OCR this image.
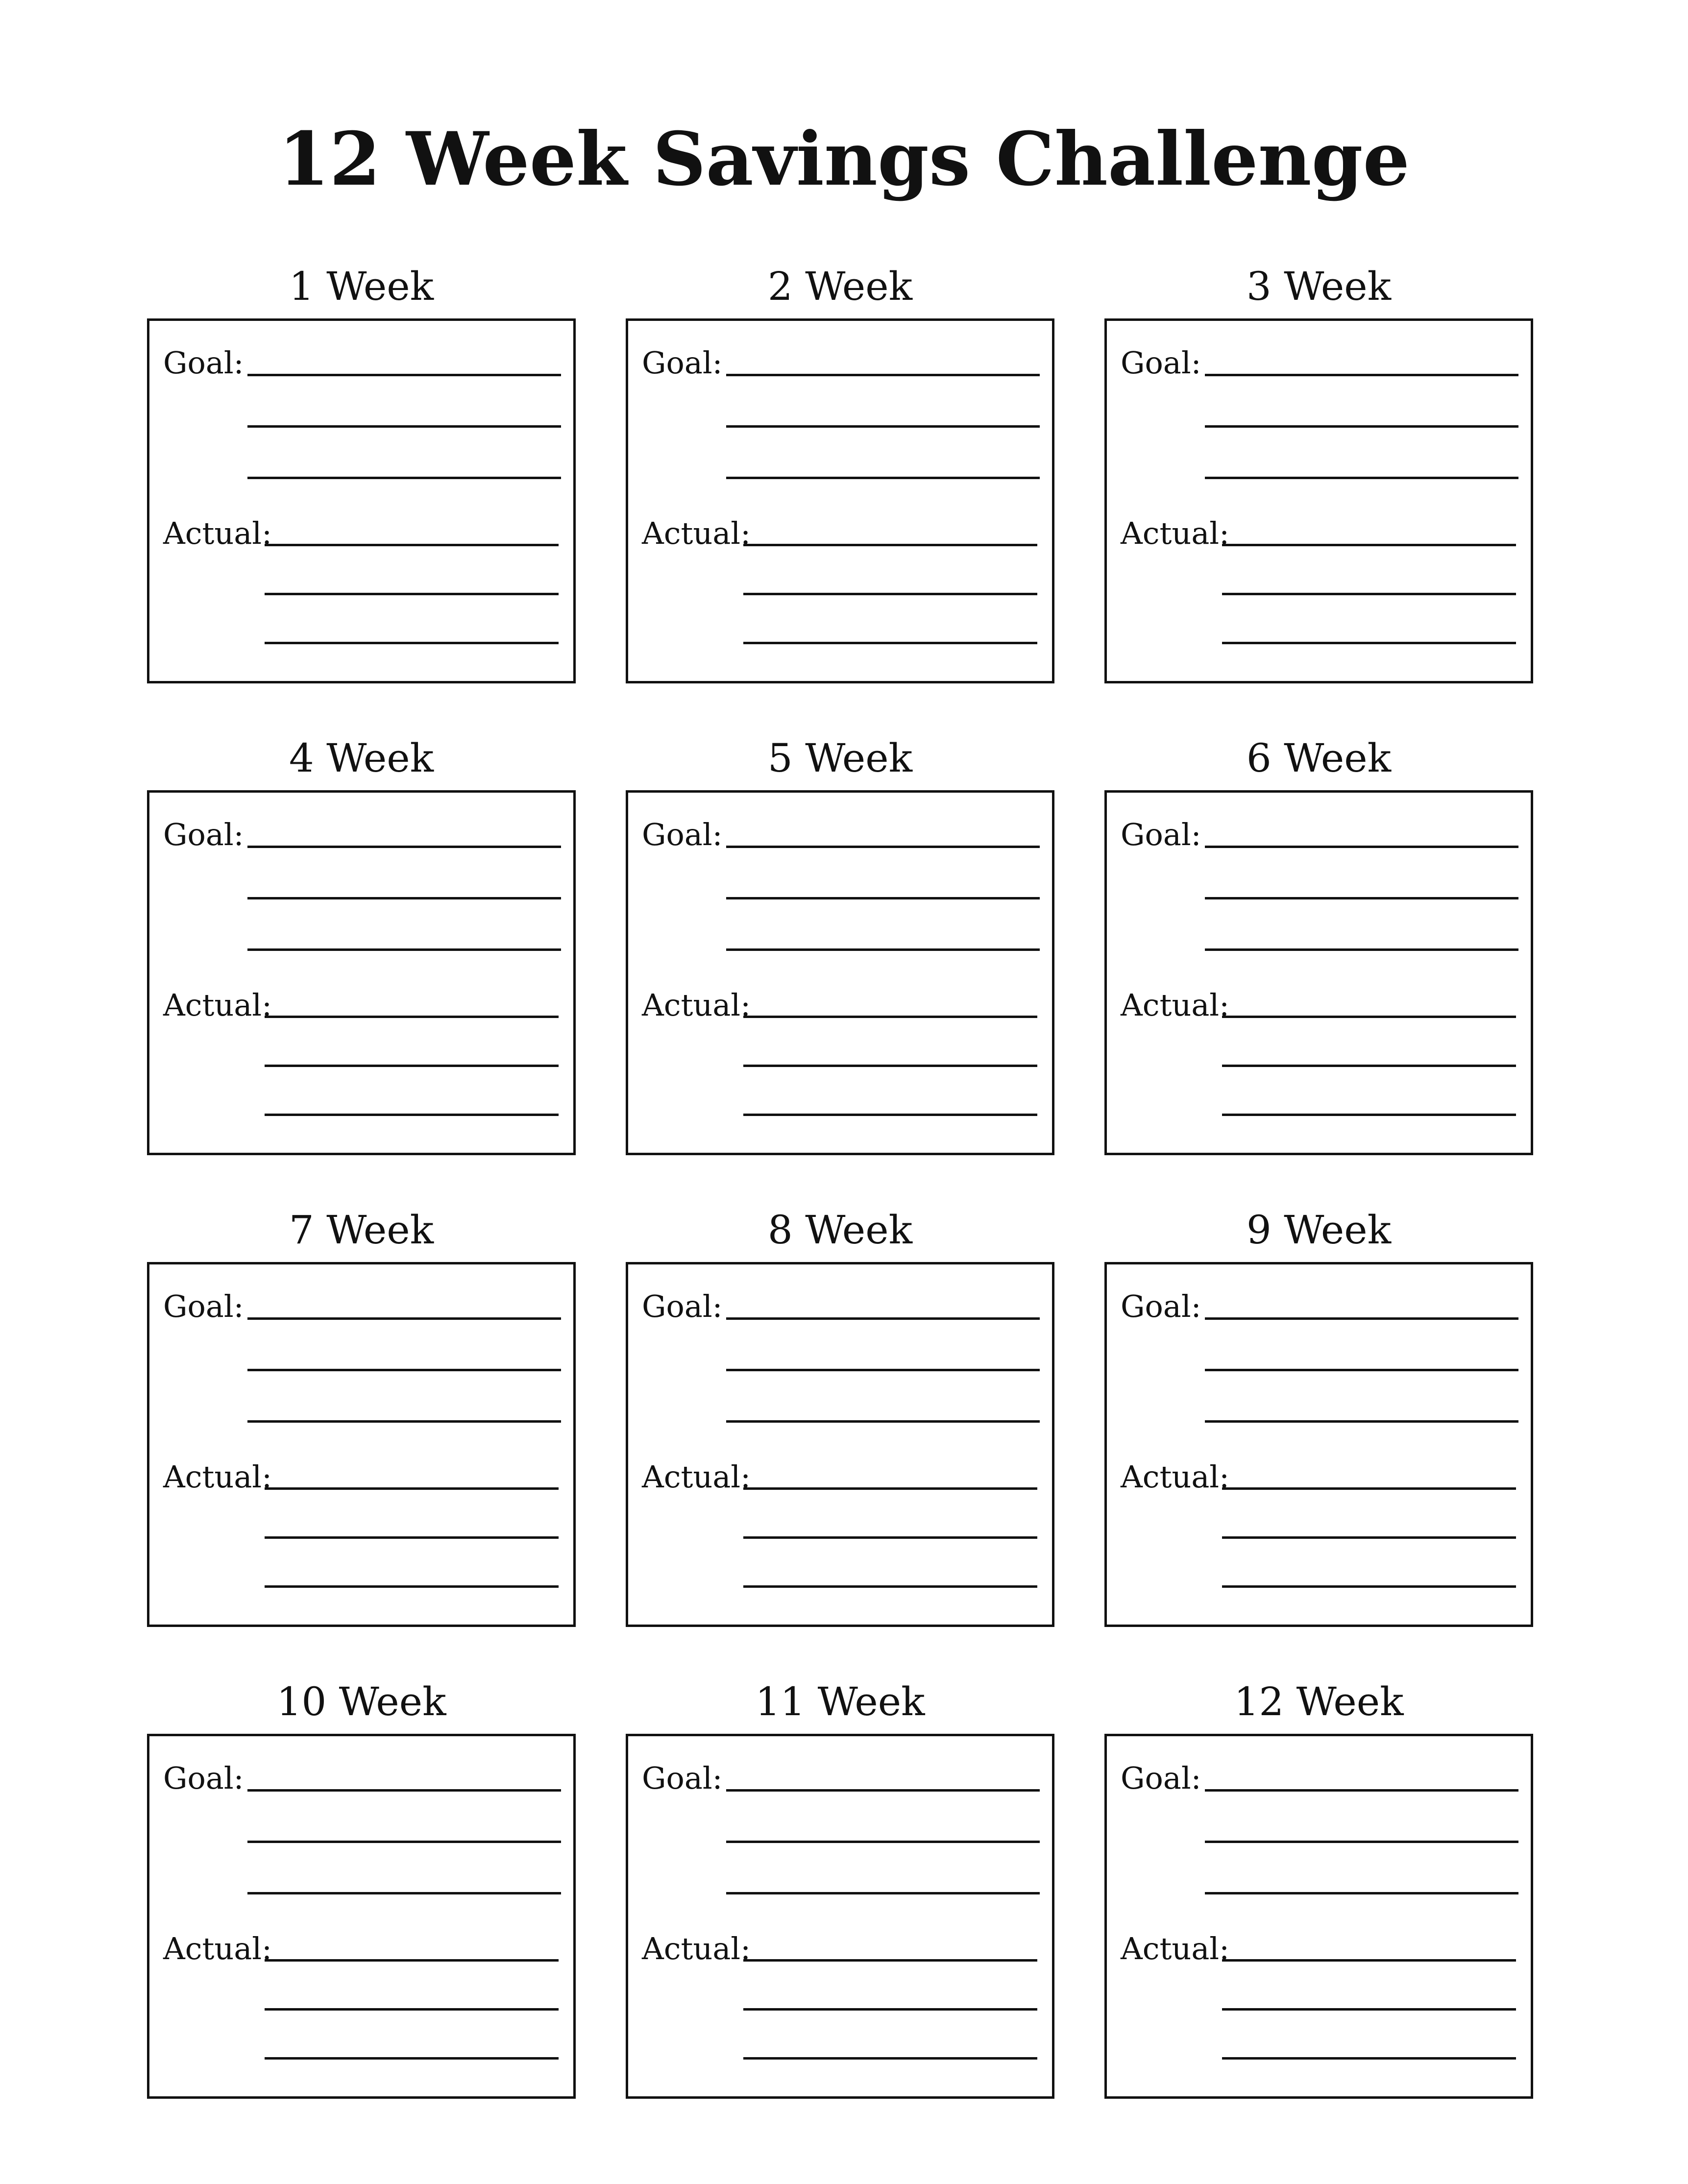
12 Week Savings Challenge
1 Week
Goal:
Actual:
2 Week
Goal:
Actual:
3 Week
Goal:
Actual:
4 Week
Goal:
Actual:
5 Week
Goal:
Actual:
6 Week
Goal:
Actual:
7 Week
Goal:
Actual:
8 Week
Goal:
Actual:
9 Week
Goal:
Actual:
10 Week
Goal:
Actual:
11 Week
Goal:
Actual:
12 Week
Goal:
Actual:
